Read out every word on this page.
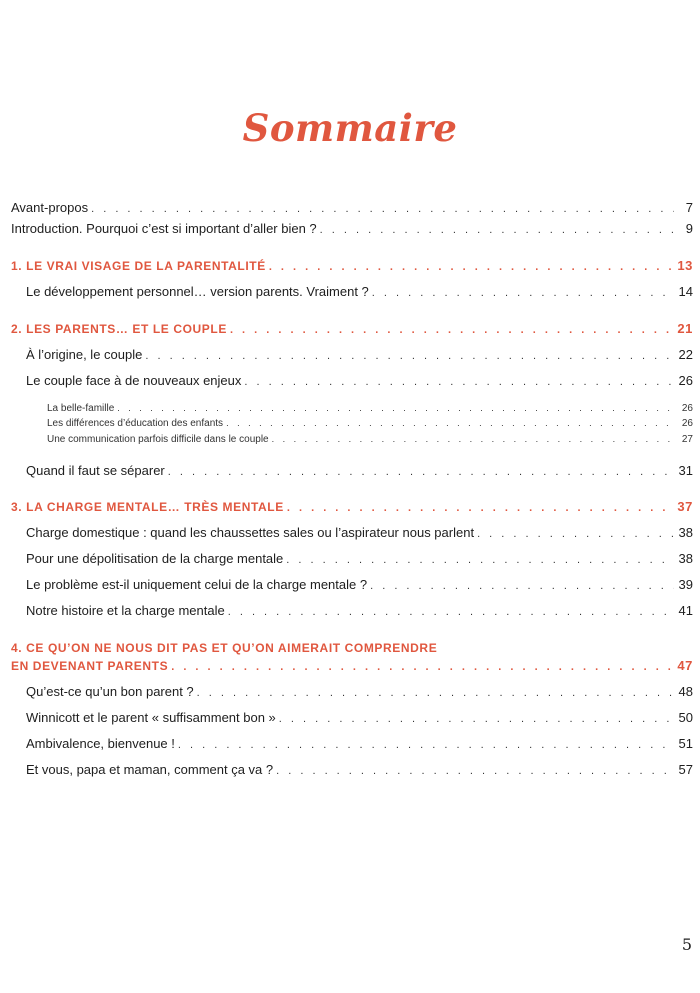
Sommaire
Avant-propos . . .	7
Introduction. Pourquoi c’est si important d’aller bien ? . . .	9
1. LE VRAI VISAGE DE LA PARENTALITÉ . . .	13
Le développement personnel… version parents. Vraiment ? . . .	14
2. LES PARENTS… ET LE COUPLE . . .	21
À l’origine, le couple . . .	22
Le couple face à de nouveaux enjeux . . .	26
La belle-famille . . .	26
Les différences d’éducation des enfants . . .	26
Une communication parfois difficile dans le couple . . .	27
Quand il faut se séparer . . .	31
3. LA CHARGE MENTALE… TRÈS MENTALE . . .	37
Charge domestique : quand les chaussettes sales ou l’aspirateur nous parlent . . .	38
Pour une dépolitisation de la charge mentale . . .	38
Le problème est-il uniquement celui de la charge mentale ? . . .	39
Notre histoire et la charge mentale . . .	41
4. CE QU’ON NE NOUS DIT PAS ET QU’ON AIMERAIT COMPRENDRE
EN DEVENANT PARENTS . . .	47
Qu’est-ce qu’un bon parent ? . . .	48
Winnicott et le parent « suffisamment bon » . . .	50
Ambivalence, bienvenue ! . . .	51
Et vous, papa et maman, comment ça va ? . . .	57
5
